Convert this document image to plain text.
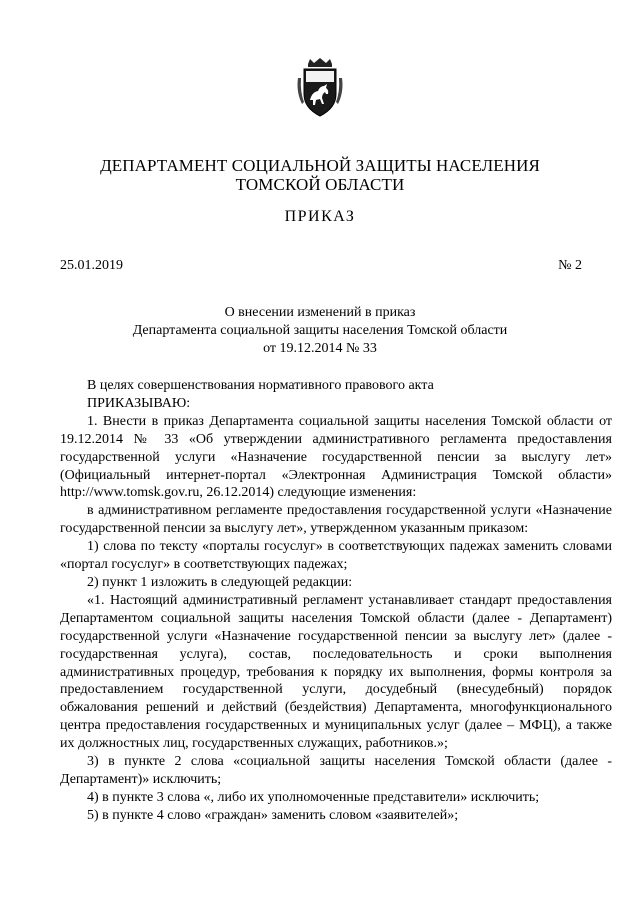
ДЕПАРТАМЕНТ СОЦИАЛЬНОЙ ЗАЩИТЫ НАСЕЛЕНИЯ
ТОМСКОЙ ОБЛАСТИ
ПРИКАЗ
25.01.2019	№ 2
О внесении изменений в приказ
Департамента социальной защиты населения Томской области
от 19.12.2014 № 33

В целях совершенствования нормативного правового акта

ПРИКАЗЫВАЮ:

1. Внести в приказ Департамента социальной защиты населения Томской области от 19.12.2014 № 33 «Об утверждении административного регламента предоставления государственной услуги «Назначение государственной пенсии за выслугу лет» (Официальный интернет-портал «Электронная Администрация Томской области» http://www.tomsk.gov.ru, 26.12.2014) следующие изменения:

в административном регламенте предоставления государственной услуги «Назначение государственной пенсии за выслугу лет», утвержденном указанным приказом:

1) слова по тексту «порталы госуслуг» в соответствующих падежах заменить словами «портал госуслуг» в соответствующих падежах;

2) пункт 1 изложить в следующей редакции:

«1. Настоящий административный регламент устанавливает стандарт предоставления Департаментом социальной защиты населения Томской области (далее - Департамент) государственной услуги «Назначение государственной пенсии за выслугу лет» (далее - государственная услуга), состав, последовательность и сроки выполнения административных процедур, требования к порядку их выполнения, формы контроля за предоставлением государственной услуги, досудебный (внесудебный) порядок обжалования решений и действий (бездействия) Департамента, многофункционального центра предоставления государственных и муниципальных услуг (далее – МФЦ), а также их должностных лиц, государственных служащих, работников.»;

3) в пункте 2 слова «социальной защиты населения Томской области (далее - Департамент)» исключить;

4) в пункте 3 слова «, либо их уполномоченные представители» исключить;

5) в пункте 4 слово «граждан» заменить словом «заявителей»;
